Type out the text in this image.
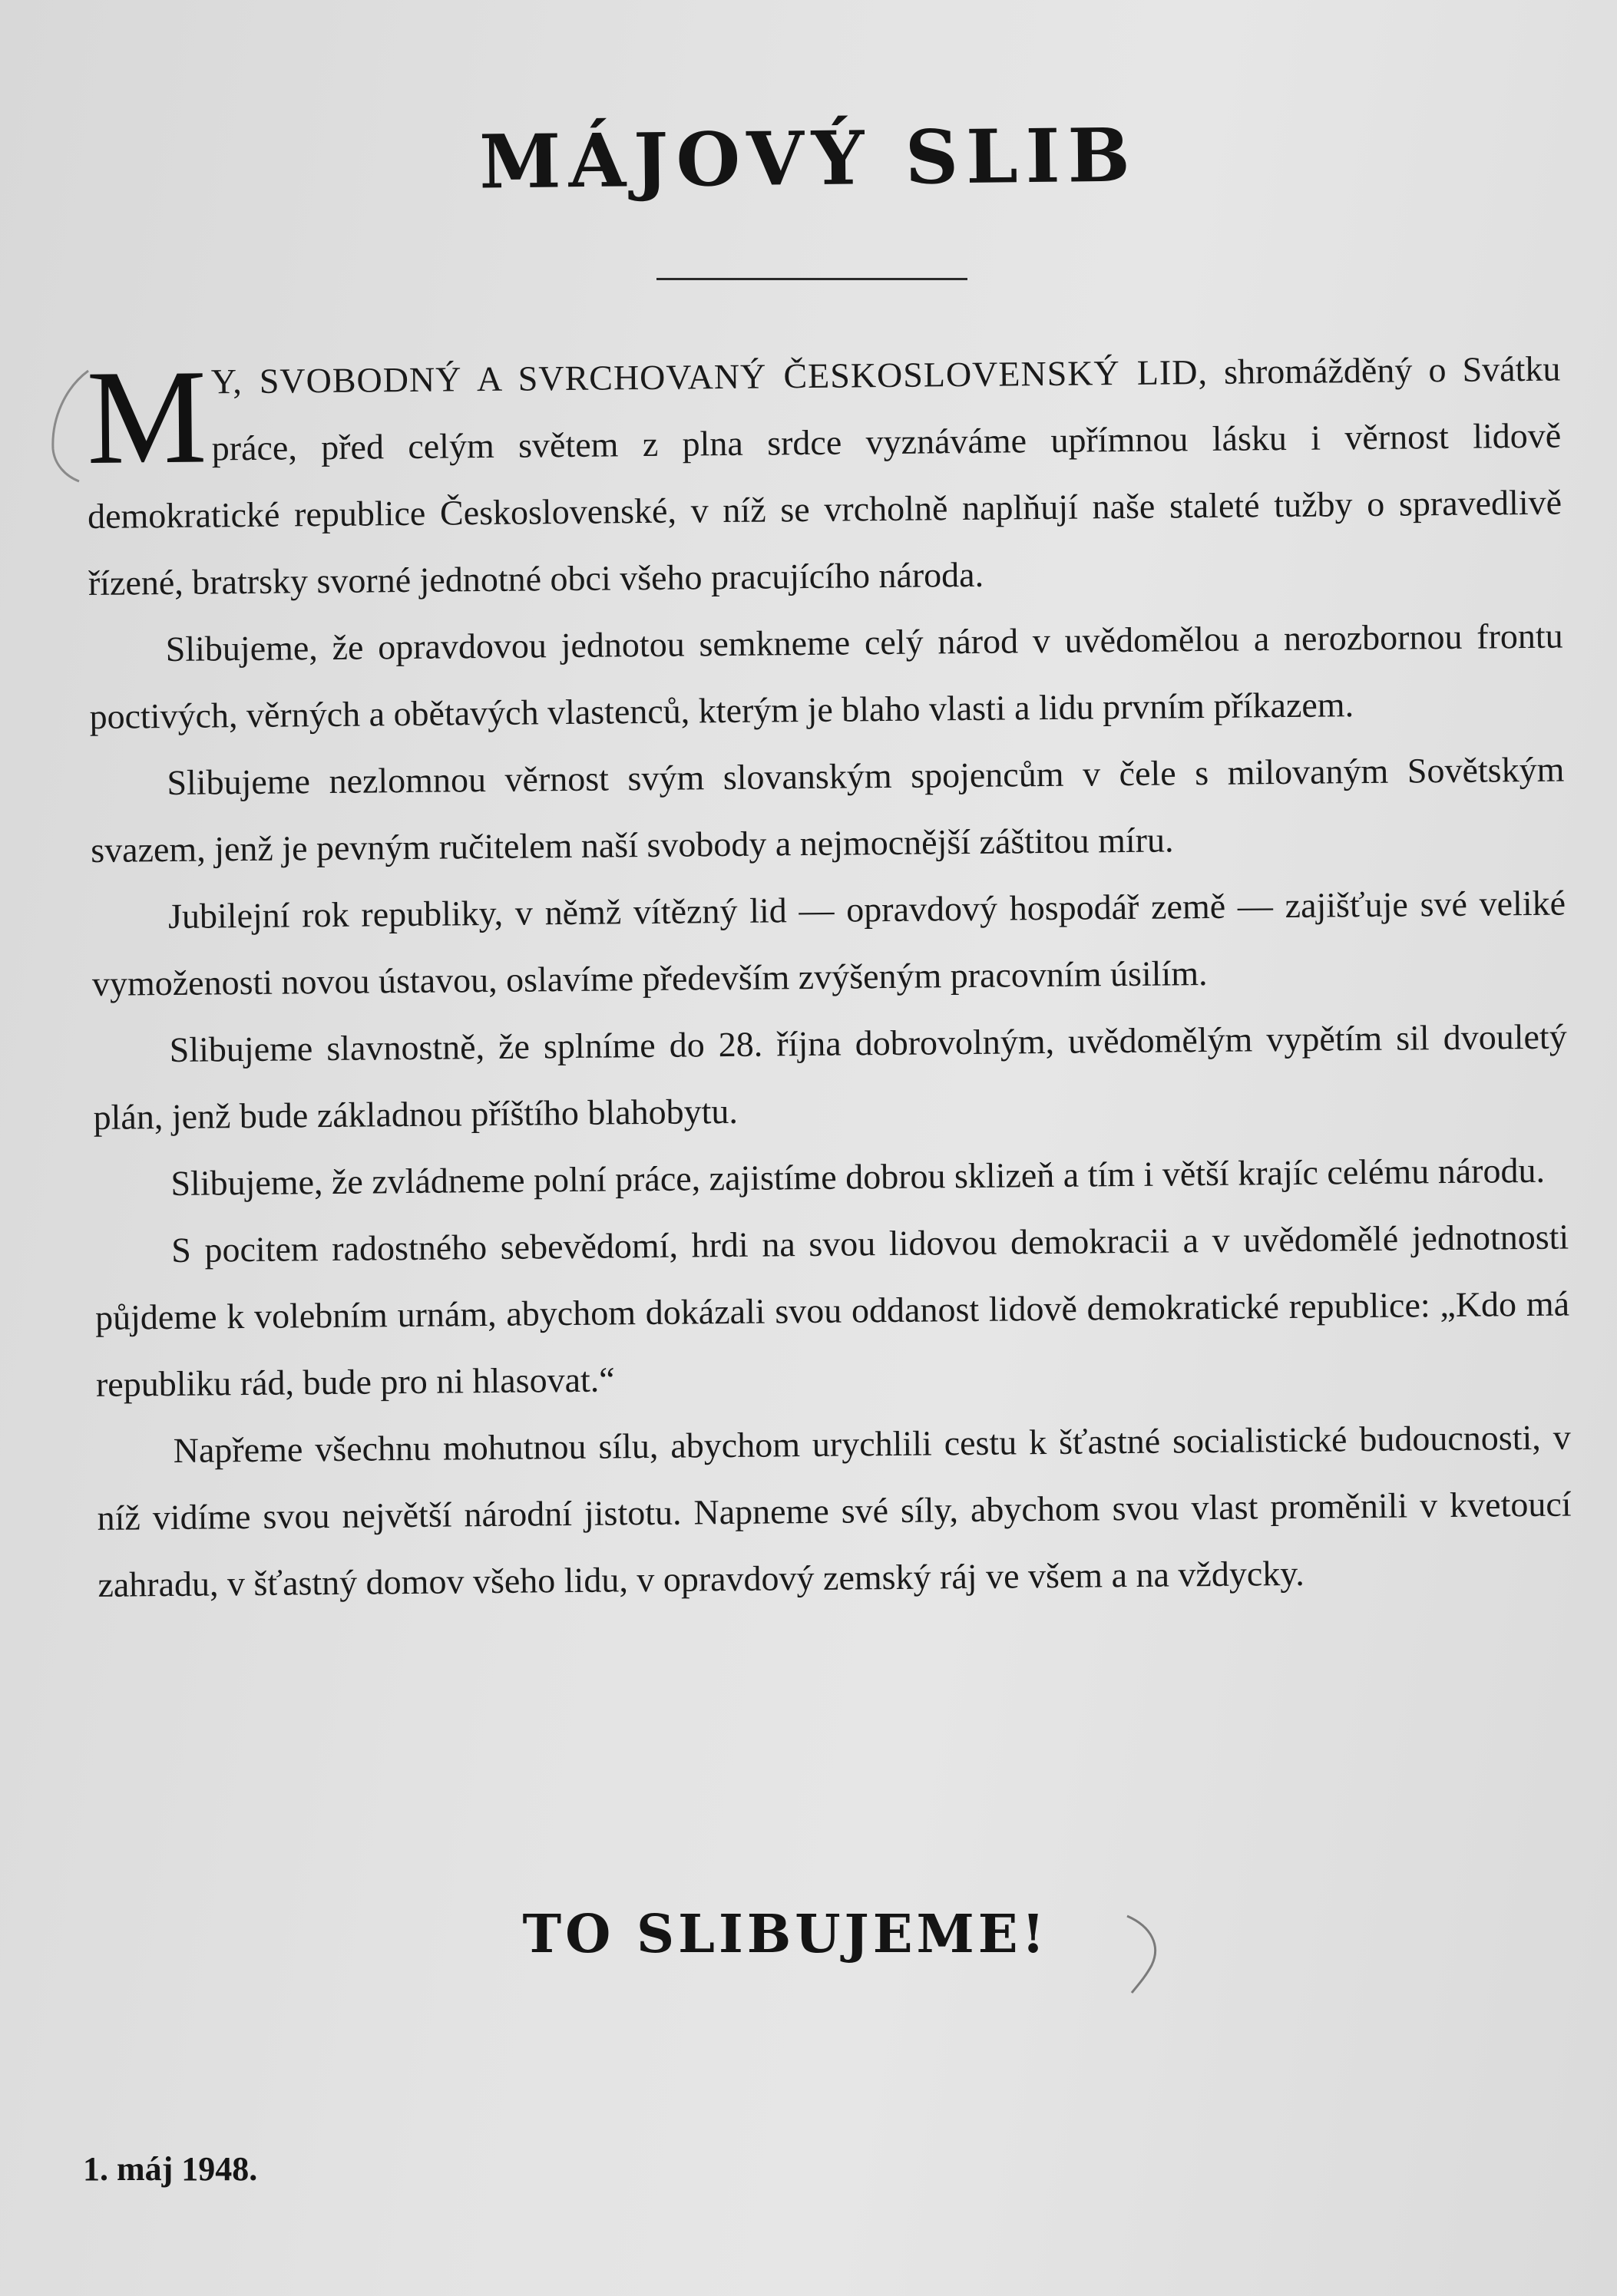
MÁJOVÝ SLIB

M Y, SVOBODNÝ A SVRCHOVANÝ ČESKOSLOVENSKÝ LID, shromážděný o Svátku práce, před celým světem z plna srdce vyznáváme upřímnou lásku i věrnost lidově demokratické republice Československé, v níž se vrcholně naplňují naše staleté tužby o spravedlivě řízené, bratrsky svorné jednotné obci všeho pracujícího národa.

Slibujeme, že opravdovou jednotou semkneme celý národ v uvědomělou a nerozbornou frontu poctivých, věrných a obětavých vlastenců, kterým je blaho vlasti a lidu prvním příkazem.

Slibujeme nezlomnou věrnost svým slovanským spojencům v čele s milovaným Sovětským svazem, jenž je pevným ručitelem naší svobody a nejmocnější záštitou míru.

Jubilejní rok republiky, v němž vítězný lid — opravdový hospodář země — zajišťuje své veliké vymoženosti novou ústavou, oslavíme především zvýšeným pracovním úsilím.

Slibujeme slavnostně, že splníme do 28. října dobrovolným, uvědomělým vypětím sil dvouletý plán, jenž bude základnou příštího blahobytu.

Slibujeme, že zvládneme polní práce, zajistíme dobrou sklizeň a tím i větší krajíc celému národu.

S pocitem radostného sebevědomí, hrdi na svou lidovou demokracii a v uvědomělé jednotnosti půjdeme k volebním urnám, abychom dokázali svou oddanost lidově demokratické republice: „Kdo má republiku rád, bude pro ni hlasovat.“

Napřeme všechnu mohutnou sílu, abychom urychlili cestu k šťastné socialistické budoucnosti, v níž vidíme svou největší národní jistotu. Napneme své síly, abychom svou vlast proměnili v kvetoucí zahradu, v šťastný domov všeho lidu, v opravdový zemský ráj ve všem a na vždycky.

TO SLIBUJEME!
1. máj 1948.
